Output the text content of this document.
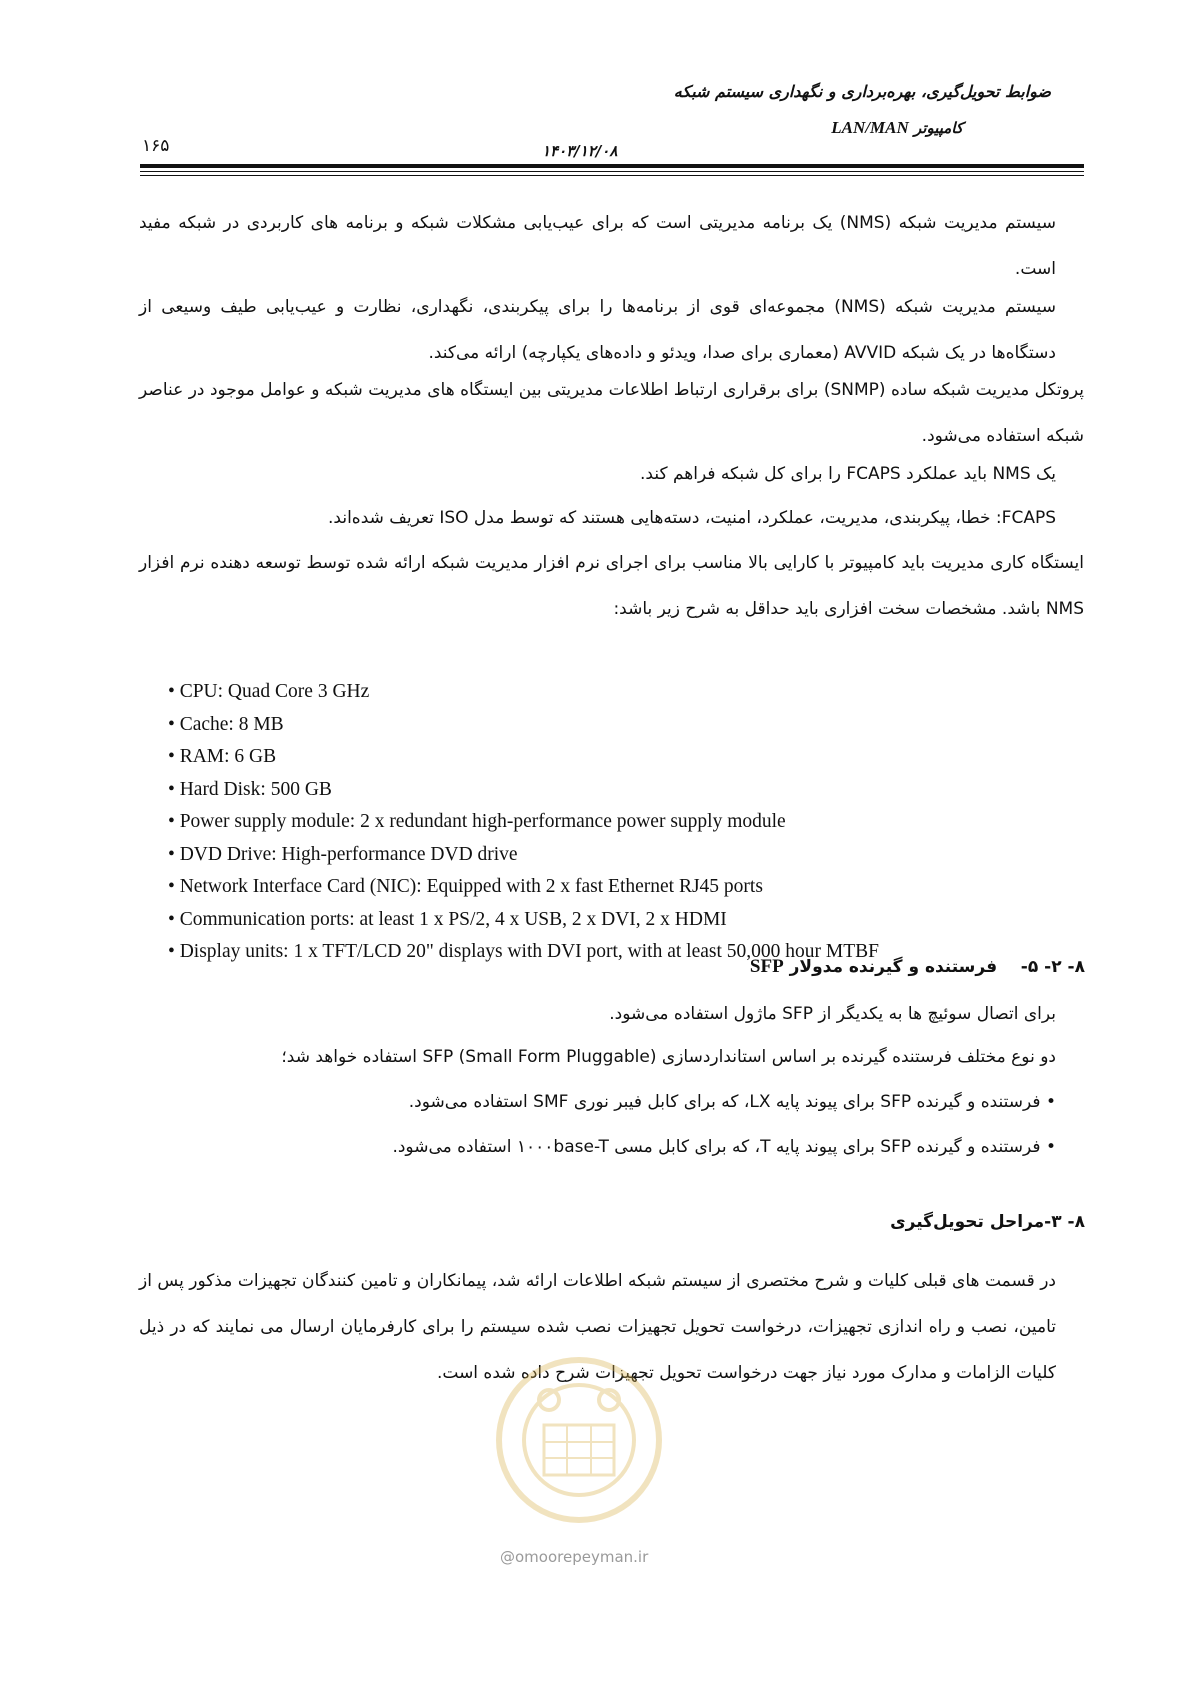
ضوابط تحویل‌گیری، بهره‌برداری و نگهداری سیستم شبکه
کامپیوتر LAN/MAN
۱۴۰۳/۱۲/۰۸
۱۶۵
سیستم مدیریت شبکه (NMS) یک برنامه مدیریتی است که برای عیب‌یابی مشکلات شبکه و برنامه های کاربردی در شبکه مفید است.
سیستم مدیریت شبکه (NMS) مجموعه‌ای قوی از برنامه‌ها را برای پیکربندی، نگهداری، نظارت و عیب‌یابی طیف وسیعی از دستگاه‌ها در یک شبکه AVVID (معماری برای صدا، ویدئو و داده‌های یکپارچه) ارائه می‌کند.
پروتکل مدیریت شبکه ساده (SNMP) برای برقراری ارتباط اطلاعات مدیریتی بین ایستگاه های مدیریت شبکه و عوامل موجود در عناصر شبکه استفاده می‌شود.
یک NMS باید عملکرد FCAPS را برای کل شبکه فراهم کند.
FCAPS: خطا، پیکربندی، مدیریت، عملکرد، امنیت، دسته‌هایی هستند که توسط مدل ISO تعریف شده‌اند.
ایستگاه کاری مدیریت باید کامپیوتر با کارایی بالا مناسب برای اجرای نرم افزار مدیریت شبکه ارائه شده توسط توسعه دهنده نرم افزار NMS باشد. مشخصات سخت افزاری باید حداقل به شرح زیر باشد:
• CPU: Quad Core 3 GHz
• Cache: 8 MB
• RAM: 6 GB
• Hard Disk: 500 GB
• Power supply module: 2 x redundant high-performance power supply module
• DVD Drive: High-performance DVD drive
• Network Interface Card (NIC): Equipped with 2 x fast Ethernet RJ45 ports
• Communication ports: at least 1 x PS/2, 4 x USB, 2 x DVI, 2 x HDMI
• Display units: 1 x TFT/LCD 20" displays with DVI port, with at least 50,000 hour MTBF
۸- ۲- ۵-    فرستنده و گیرنده مدولار SFP
برای اتصال سوئیچ ها به یکدیگر از SFP ماژول استفاده می‌شود.
دو نوع مختلف فرستنده گیرنده بر اساس استانداردسازی (SFP (Small Form Pluggable استفاده خواهد شد؛
• فرستنده و گیرنده SFP برای پیوند پایه LX، که برای کابل فیبر نوری SMF استفاده می‌شود.
• فرستنده و گیرنده SFP برای پیوند پایه T، که برای کابل مسی ۱۰۰۰base-T استفاده می‌شود.
۸- ۳-مراحل تحویل‌گیری
در قسمت های قبلی کلیات و شرح مختصری از سیستم شبکه اطلاعات ارائه شد، پیمانکاران و تامین کنندگان تجهیزات مذکور پس از تامین، نصب و راه اندازی تجهیزات، درخواست تحویل تجهیزات نصب شده سیستم را برای کارفرمایان ارسال می نمایند که در ذیل کلیات الزامات و مدارک مورد نیاز جهت درخواست تحویل تجهیزات شرح داده شده است.
@omoorepeyman.ir
